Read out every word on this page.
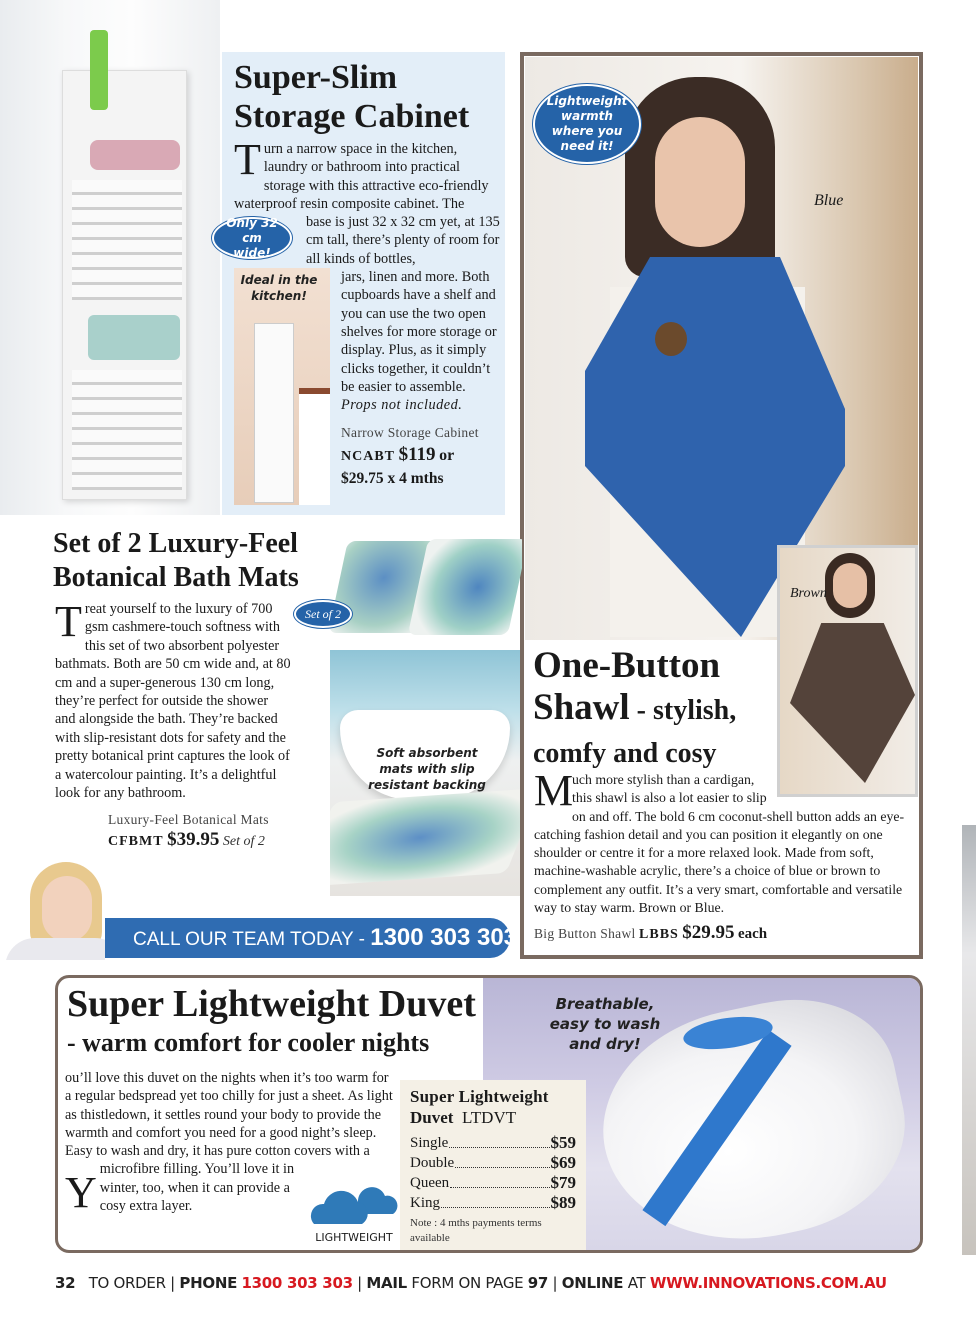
Super-Slim
Storage Cabinet
Ideal in the kitchen!
T urn a narrow space in the kitchen, laundry or bathroom into practical storage with this attractive eco-friendly waterproof resin composite cabinet. The
base is just 32 x 32 cm yet, at 135 cm tall, there’s plenty of room for all kinds of bottles,
jars, linen and more. Both cupboards have a shelf and you can use the two open shelves for more storage or display. Plus, as it simply clicks together, it couldn’t be easier to assemble.
Props not included.
Narrow Storage Cabinet
NCABT $119 or
$29.75 x 4 mths
Only 32 cm wide!
Lightweight warmth where you need it!
Blue
Brown
One-Button
Shawl - stylish,
comfy and cosy
M
uch more stylish than a cardigan, this shawl is also a lot easier to slip on and off. The bold 6 cm coconut-shell button adds an eye-catching fashion detail and you can position it elegantly on one shoulder or centre it for a more relaxed look. Made from soft, machine-washable acrylic, there’s a choice of blue or brown to complement any outfit. It’s a very smart, comfortable and versatile way to stay warm. Brown or Blue.
Big Button Shawl LBBS $29.95 each
Set of 2 Luxury-Feel
Botanical Bath Mats
Set of 2
Soft absorbent mats with slip resistant backing
T reat yourself to the luxury of 700 gsm cashmere-touch softness with this set of two absorbent polyester bathmats. Both are 50 cm wide and, at 80 cm and a super-generous 130 cm long, they’re perfect for outside the shower and alongside the bath. They’re backed with slip-resistant dots for safety and the pretty botanical print captures the look of a watercolour painting. It’s a delightful look for any bathroom.
Luxury-Feel Botanical Mats
CFBMT $39.95 Set of 2
CALL OUR TEAM TODAY - 1300 303 303
Super Lightweight Duvet
- warm comfort for cooler nights
Breathable, easy to wash and dry!
Y
ou’ll love this duvet on the nights when it’s too warm for a regular bedspread yet too chilly for just a sheet. As light as thistledown, it settles round your body to provide the warmth and comfort you need for a good night’s sleep. Easy to wash and dry, it has pure cotton covers with a microfibre filling. You’ll love it in winter, too, when it can provide a cosy extra layer.
LIGHTWEIGHT
Super Lightweight
Duvet LTDVT
Single	$59
Double	$69
Queen	$79
King	$89
Note : 4 mths payments terms available
32 TO ORDER | PHONE 1300 303 303 | MAIL FORM ON PAGE 97 | ONLINE AT WWW.INNOVATIONS.COM.AU
